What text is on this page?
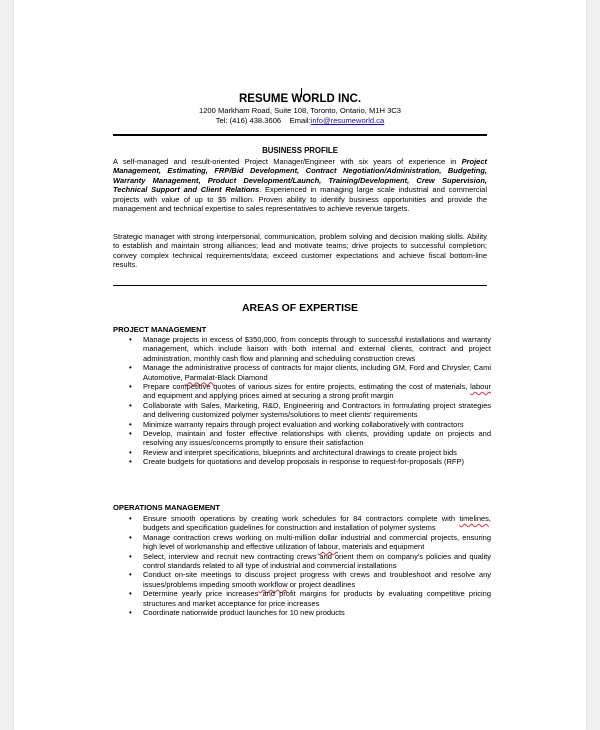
RESUME WORLD INC.
1200 Markham Road, Suite 108, Toronto, Ontario, M1H 3C3
Tel: (416) 438.3606 Email:info@resumeworld.ca
BUSINESS PROFILE

A self-managed and result-oriented Project Manager/Engineer with six years of experience in Project Management, Estimating, FRP/Bid Development, Contract Negotiation/Administration, Budgeting, Warranty Management, Product Development/Launch, Training/Development, Crew Supervision, Technical Support and Client Relations. Experienced in managing large scale industrial and commercial projects with value of up to $5 million. Proven ability to identify business opportunities and provide the management and technical expertise to sales representatives to achieve revenue targets.

Strategic manager with strong interpersonal, communication, problem solving and decision making skills. Ability to establish and maintain strong alliances; lead and motivate teams; drive projects to successful completion; convey complex technical requirements/data; exceed customer expectations and achieve fiscal bottom-line results.

AREAS OF EXPERTISE
PROJECT MANAGEMENT
• Manage projects in excess of $350,000, from concepts through to successful installations and warranty management, which include liaison with both internal and external clients, contract and project administration, monthly cash flow and planning and scheduling construction crews
• Manage the administrative process of contracts for major clients, including GM, Ford and Chrysler, Cami Automotive, Parmalat-Black Diamond
• Prepare competitive quotes of various sizes for entire projects, estimating the cost of materials, labour and equipment and applying prices aimed at securing a strong profit margin
• Collaborate with Sales, Marketing, R&D, Engineering and Contractors in formulating project strategies and delivering customized polymer systems/solutions to meet clients' requirements
• Minimize warranty repairs through project evaluation and working collaboratively with contractors
• Develop, maintain and foster effective relationships with clients, providing update on projects and resolving any issues/concerns promptly to ensure their satisfaction
• Review and interpret specifications, blueprints and architectural drawings to create project bids
• Create budgets for quotations and develop proposals in response to request-for-proposals (RFP)
OPERATIONS MANAGEMENT
• Ensure smooth operations by creating work schedules for 84 contractors complete with timelines, budgets and specification guidelines for construction and installation of polymer systems
• Manage contraction crews working on multi-million dollar industrial and commercial projects, ensuring high level of workmanship and effective utilization of labour, materials and equipment
• Select, interview and recruit new contracting crews and orient them on company's policies and quality control standards related to all type of industrial and commercial installations
• Conduct on-site meetings to discuss project progress with crews and troubleshoot and resolve any issues/problems impeding smooth workflow or project deadlines
• Determine yearly price increases and profit margins for products by evaluating competitive pricing structures and market acceptance for price increases
• Coordinate nationwide product launches for 10 new products
